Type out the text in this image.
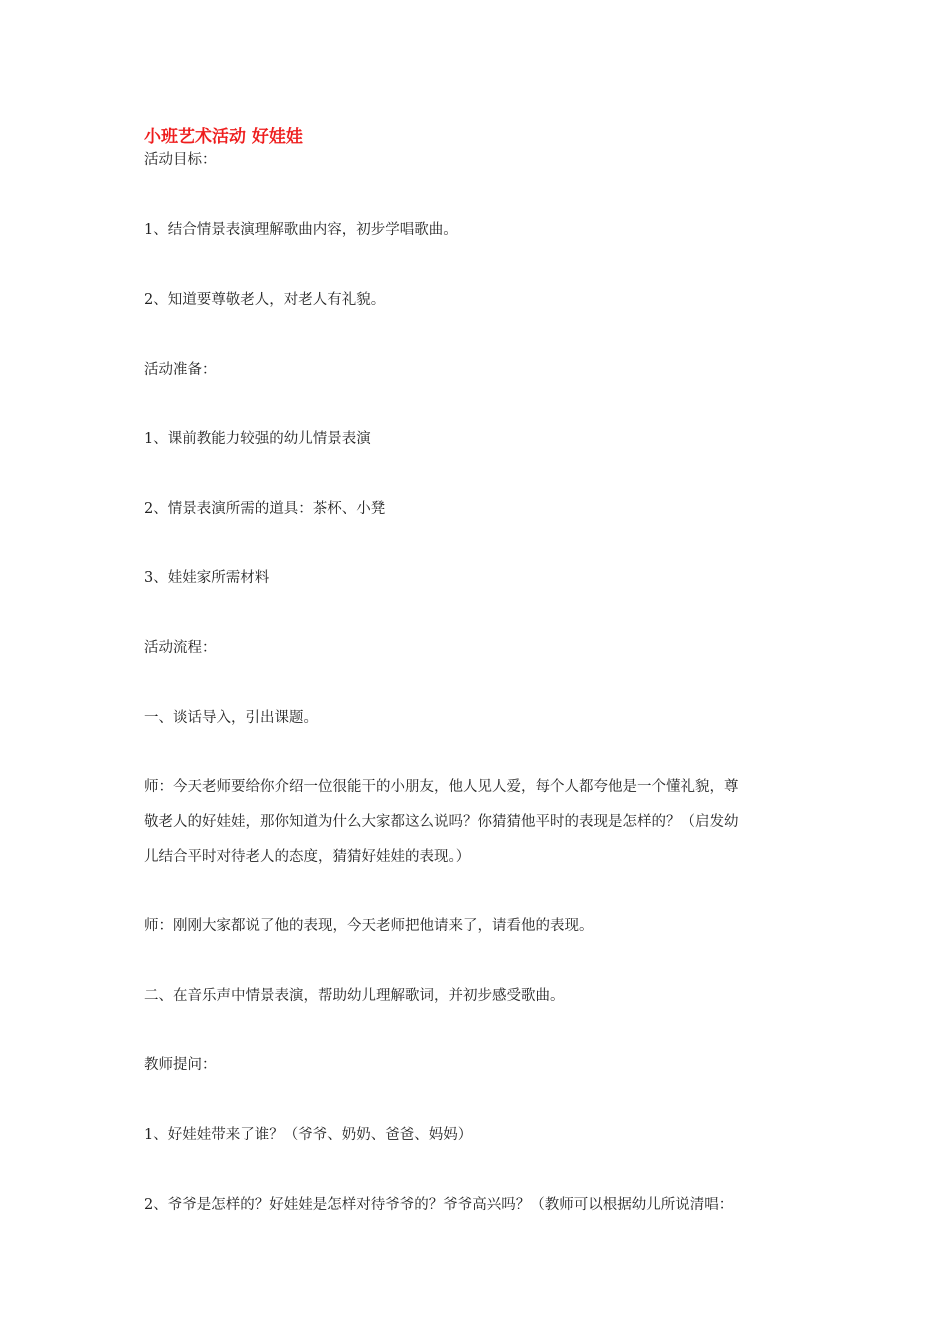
小班艺术活动 好娃娃

活动目标：

1、结合情景表演理解歌曲内容，初步学唱歌曲。

2、知道要尊敬老人，对老人有礼貌。

活动准备：

1、课前教能力较强的幼儿情景表演

2、情景表演所需的道具：茶杯、小凳

3、娃娃家所需材料

活动流程：

一、谈话导入，引出课题。

师：今天老师要给你介绍一位很能干的小朋友，他人见人爱，每个人都夸他是一个懂礼貌，尊

敬老人的好娃娃，那你知道为什么大家都这么说吗？你猜猜他平时的表现是怎样的？（启发幼

儿结合平时对待老人的态度，猜猜好娃娃的表现。）

师：刚刚大家都说了他的表现，今天老师把他请来了，请看他的表现。

二、在音乐声中情景表演，帮助幼儿理解歌词，并初步感受歌曲。

教师提问：

1、好娃娃带来了谁？（爷爷、奶奶、爸爸、妈妈）

2、爷爷是怎样的？好娃娃是怎样对待爷爷的？爷爷高兴吗？（教师可以根据幼儿所说清唱：
